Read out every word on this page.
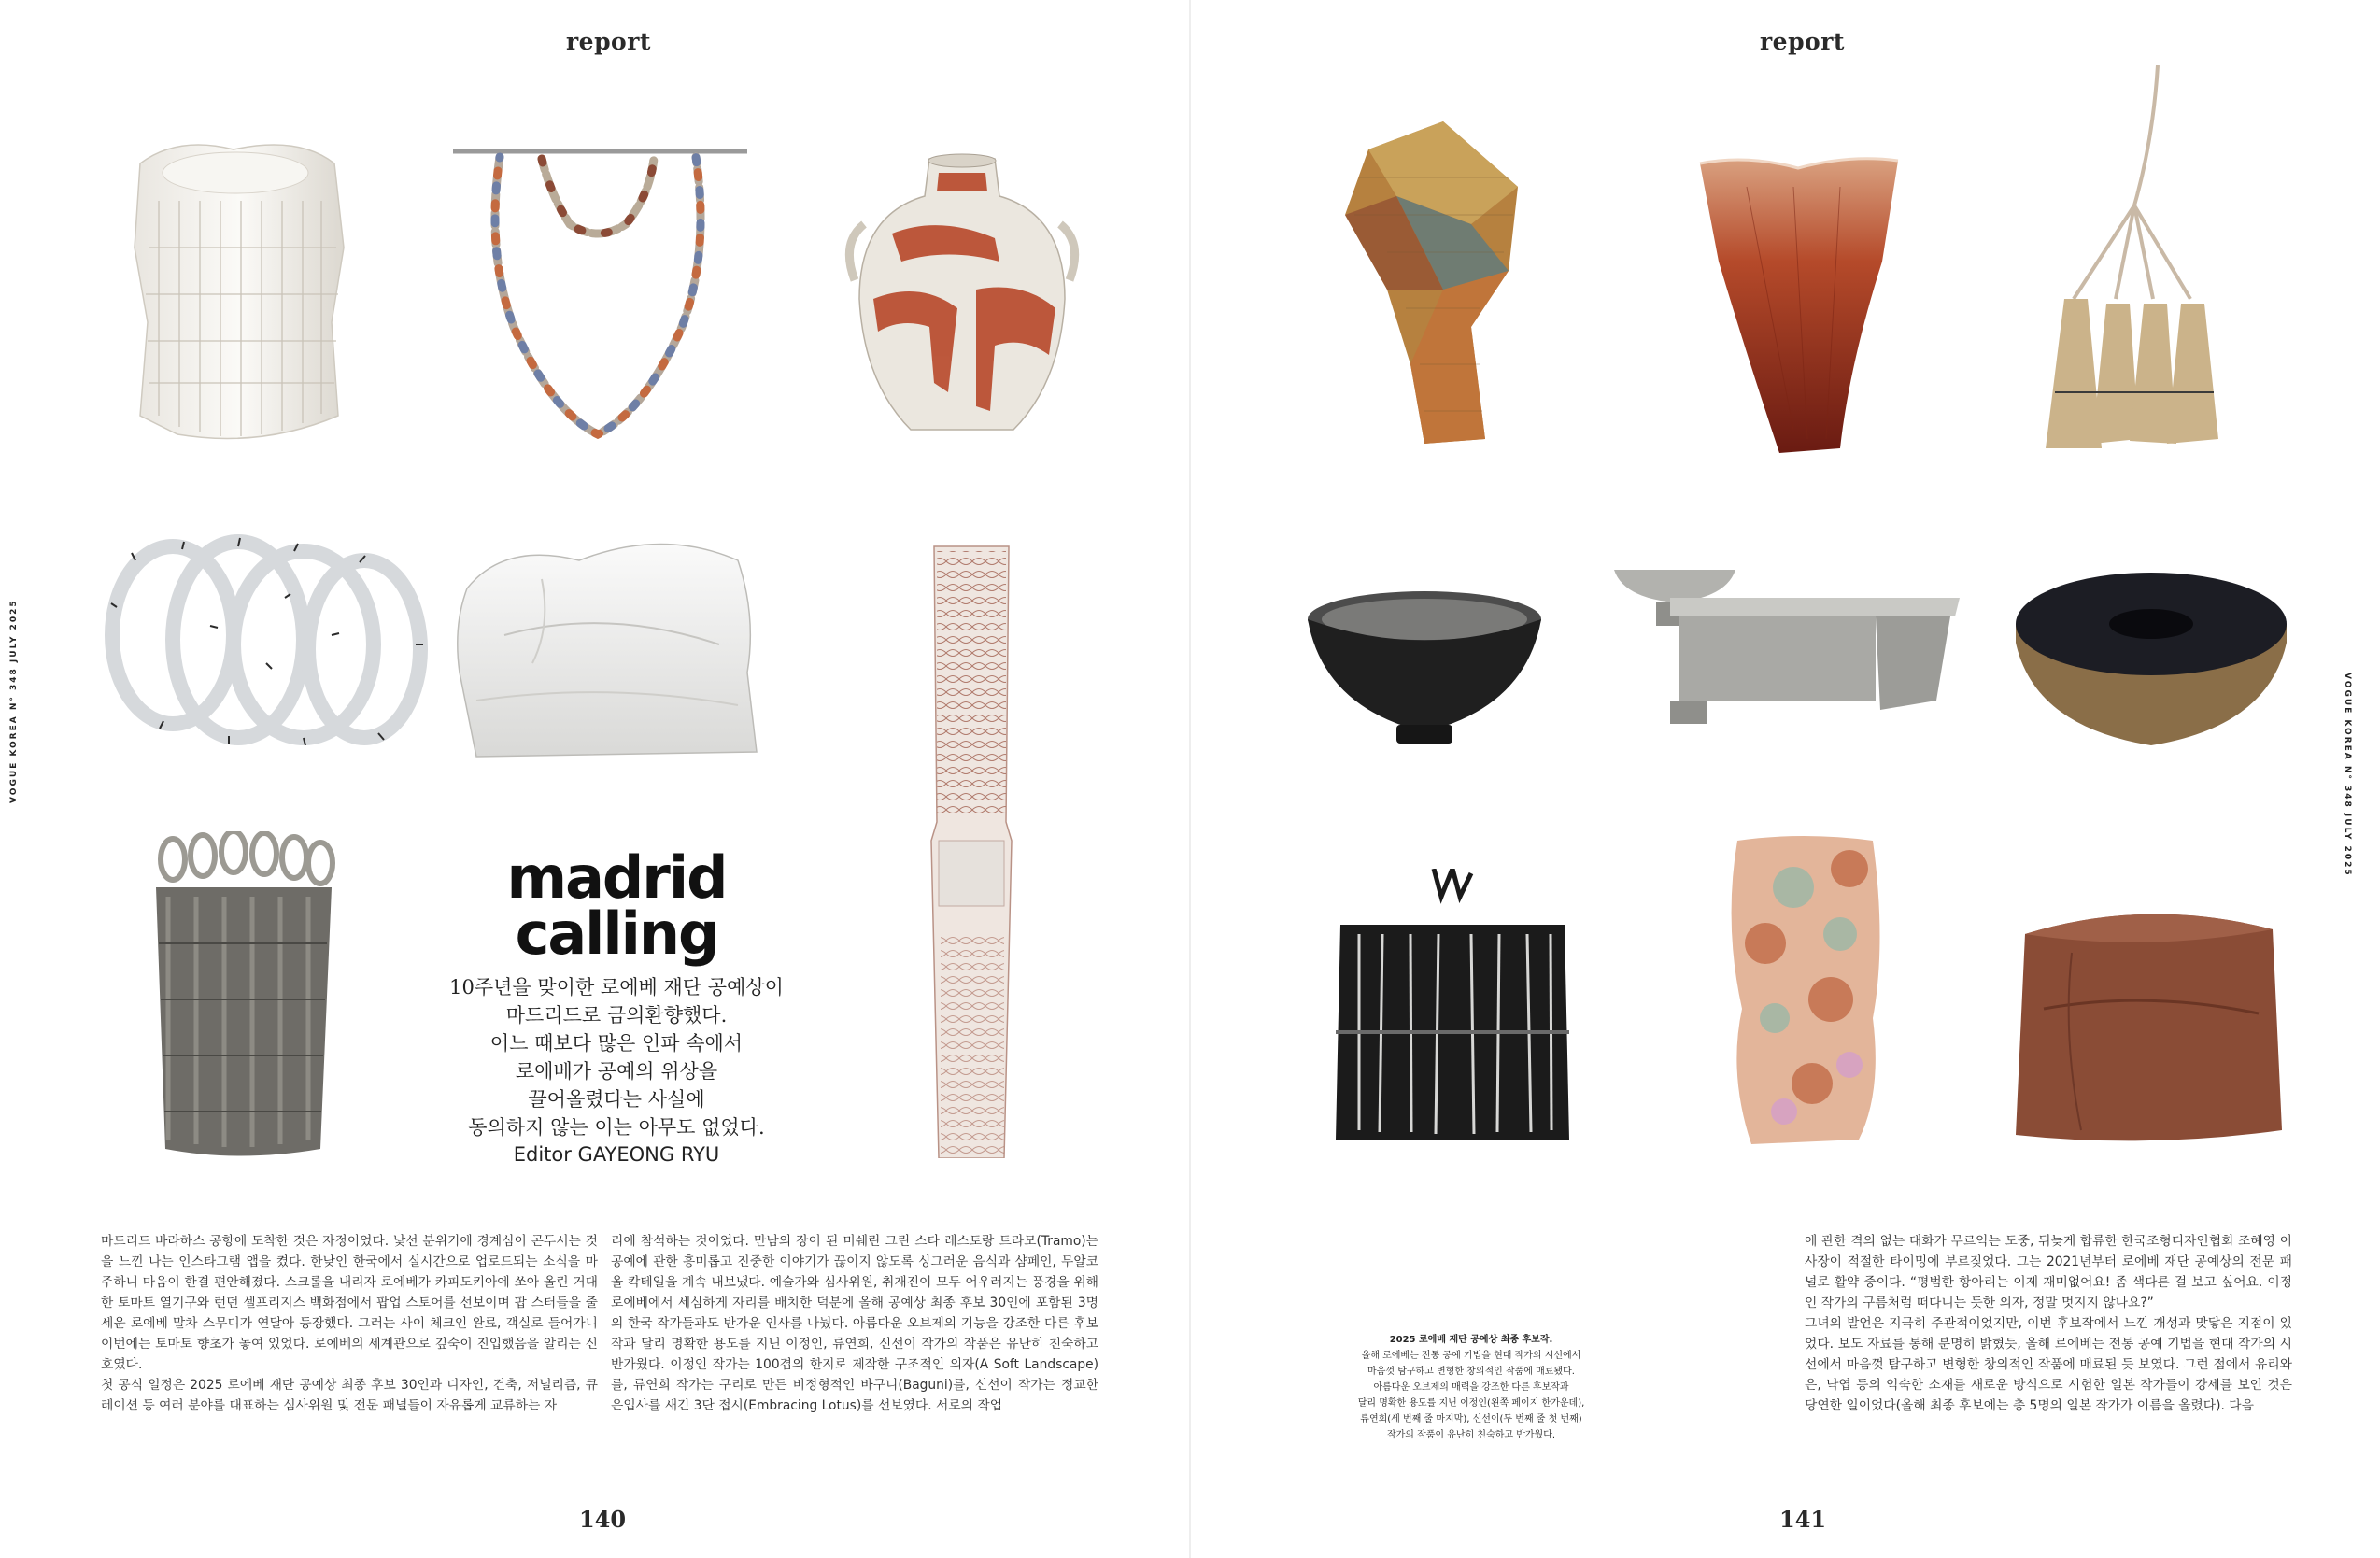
report	report
VOGUE KOREA N° 348 JULY 2025	VOGUE KOREA N° 348 JULY 2025
madrid
calling
10주년을 맞이한 로에베 재단 공예상이
마드리드로 금의환향했다.
어느 때보다 많은 인파 속에서
로에베가 공예의 위상을
끌어올렸다는 사실에
동의하지 않는 이는 아무도 없었다.
Editor GAYEONG RYU

마드리드 바라하스 공항에 도착한 것은 자정이었다. 낯선 분위기에 경계심이 곤두서는 것을 느낀 나는 인스타그램 앱을 켰다. 한낮인 한국에서 실시간으로 업로드되는 소식을 마주하니 마음이 한결 편안해졌다. 스크롤을 내리자 로에베가 카피도키아에 쏘아 올린 거대한 토마토 열기구와 런던 셀프리지스 백화점에서 팝업 스토어를 선보이며 팝 스터들을 줄 세운 로에베 말차 스무디가 연달아 등장했다. 그러는 사이 체크인 완료, 객실로 들어가니 이번에는 토마토 향초가 놓여 있었다. 로에베의 세계관으로 깊숙이 진입했음을 알리는 신호였다.

첫 공식 일정은 2025 로에베 재단 공예상 최종 후보 30인과 디자인, 건축, 저널리즘, 큐레이션 등 여러 분야를 대표하는 심사위원 및 전문 패널들이 자유롭게 교류하는 자

리에 참석하는 것이었다. 만남의 장이 된 미쉐린 그린 스타 레스토랑 트라모(Tramo)는 공예에 관한 흥미롭고 진중한 이야기가 끊이지 않도록 싱그러운 음식과 샴페인, 무알코올 칵테일을 계속 내보냈다. 예술가와 심사위원, 취재진이 모두 어우러지는 풍경을 위해 로에베에서 세심하게 자리를 배치한 덕분에 올해 공예상 최종 후보 30인에 포함된 3명의 한국 작가들과도 반가운 인사를 나눴다. 아름다운 오브제의 기능을 강조한 다른 후보작과 달리 명확한 용도를 지닌 이정인, 류연희, 신선이 작가의 작품은 유난히 친숙하고 반가웠다. 이정인 작가는 100겹의 한지로 제작한 구조적인 의자(A Soft Landscape)를, 류연희 작가는 구리로 만든 비정형적인 바구니(Baguni)를, 신선이 작가는 정교한 은입사를 새긴 3단 접시(Embracing Lotus)를 선보였다. 서로의 작업

에 관한 격의 없는 대화가 무르익는 도중, 뒤늦게 합류한 한국조형디자인협회 조혜영 이사장이 적절한 타이밍에 부르짖었다. 그는 2021년부터 로에베 재단 공예상의 전문 패널로 활약 중이다. “평범한 항아리는 이제 재미없어요! 좀 색다른 걸 보고 싶어요. 이정인 작가의 구름처럼 떠다니는 듯한 의자, 정말 멋지지 않나요?”

그녀의 발언은 지극히 주관적이었지만, 이번 후보작에서 느낀 개성과 맞닿은 지점이 있었다. 보도 자료를 통해 분명히 밝혔듯, 올해 로에베는 전통 공예 기법을 현대 작가의 시선에서 마음껏 탐구하고 변형한 창의적인 작품에 매료된 듯 보였다. 그런 점에서 유리와 은, 낙엽 등의 익숙한 소재를 새로운 방식으로 시험한 일본 작가들이 강세를 보인 것은 당연한 일이었다(올해 최종 후보에는 총 5명의 일본 작가가 이름을 올렸다). 다음

2025 로에베 재단 공예상 최종 후보작.
올해 로에베는 전통 공예 기법을 현대 작가의 시선에서
마음껏 탐구하고 변형한 창의적인 작품에 매료됐다.
아름다운 오브제의 매력을 강조한 다른 후보작과
달리 명확한 용도를 지닌 이정인(왼쪽 페이지 한가운데),
류연희(세 번째 줄 마지막), 신선이(두 번째 줄 첫 번째)
작가의 작품이 유난히 친숙하고 반가웠다.
140	141
